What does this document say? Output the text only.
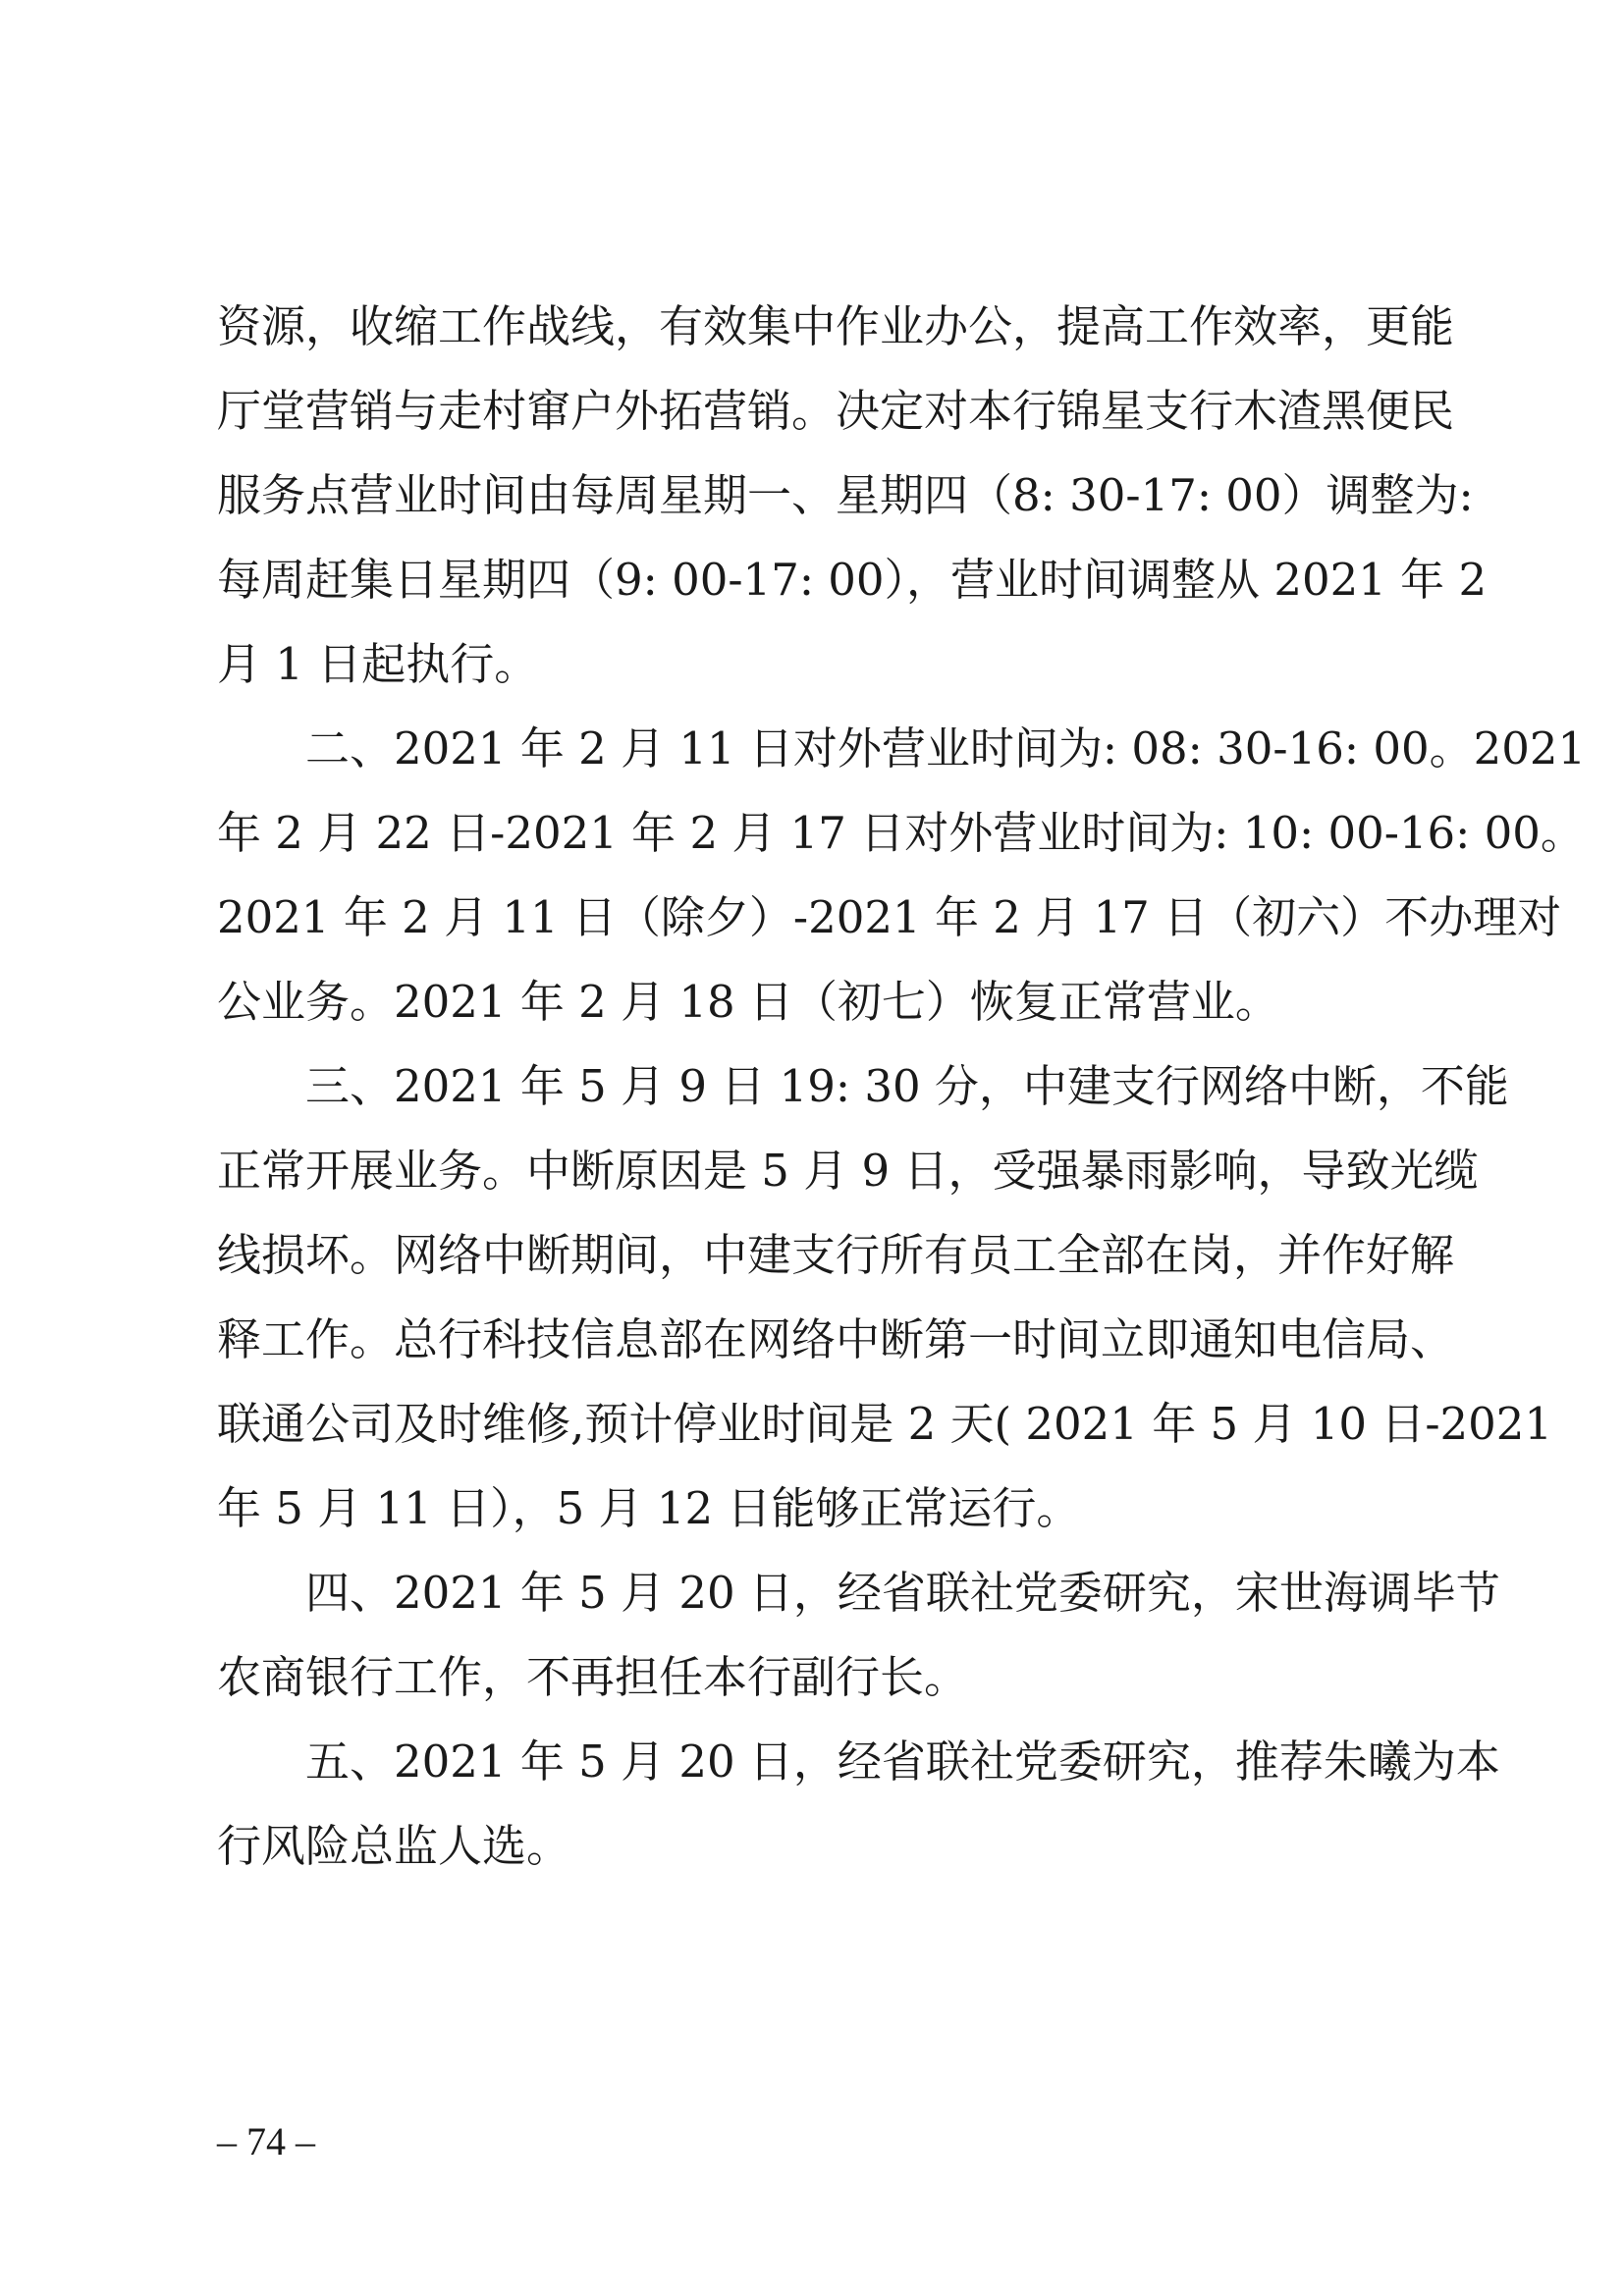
资源，收缩工作战线，有效集中作业办公，提高工作效率，更能
厅堂营销与走村窜户外拓营销。决定对本行锦星支行木渣黑便民
服务点营业时间由每周星期一、星期四（8: 30-17: 00）调整为:
每周赶集日星期四（9: 00-17: 00），营业时间调整从 2021 年 2
月 1 日起执行。
二、2021 年 2 月 11 日对外营业时间为: 08: 30-16: 00。2021
年 2 月 22 日-2021 年 2 月 17 日对外营业时间为: 10: 00-16: 00。
2021 年 2 月 11 日（除夕）-2021 年 2 月 17 日（初六）不办理对
公业务。2021 年 2 月 18 日（初七）恢复正常营业。
三、2021 年 5 月 9 日 19: 30 分，中建支行网络中断，不能
正常开展业务。中断原因是 5 月 9 日，受强暴雨影响，导致光缆
线损坏。网络中断期间，中建支行所有员工全部在岗，并作好解
释工作。总行科技信息部在网络中断第一时间立即通知电信局、
联通公司及时维修,预计停业时间是 2 天( 2021 年 5 月 10 日-2021
年 5 月 11 日），5 月 12 日能够正常运行。
四、2021 年 5 月 20 日，经省联社党委研究，宋世海调毕节
农商银行工作，不再担任本行副行长。
五、2021 年 5 月 20 日，经省联社党委研究，推荐朱曦为本
行风险总监人选。
– 74 –
